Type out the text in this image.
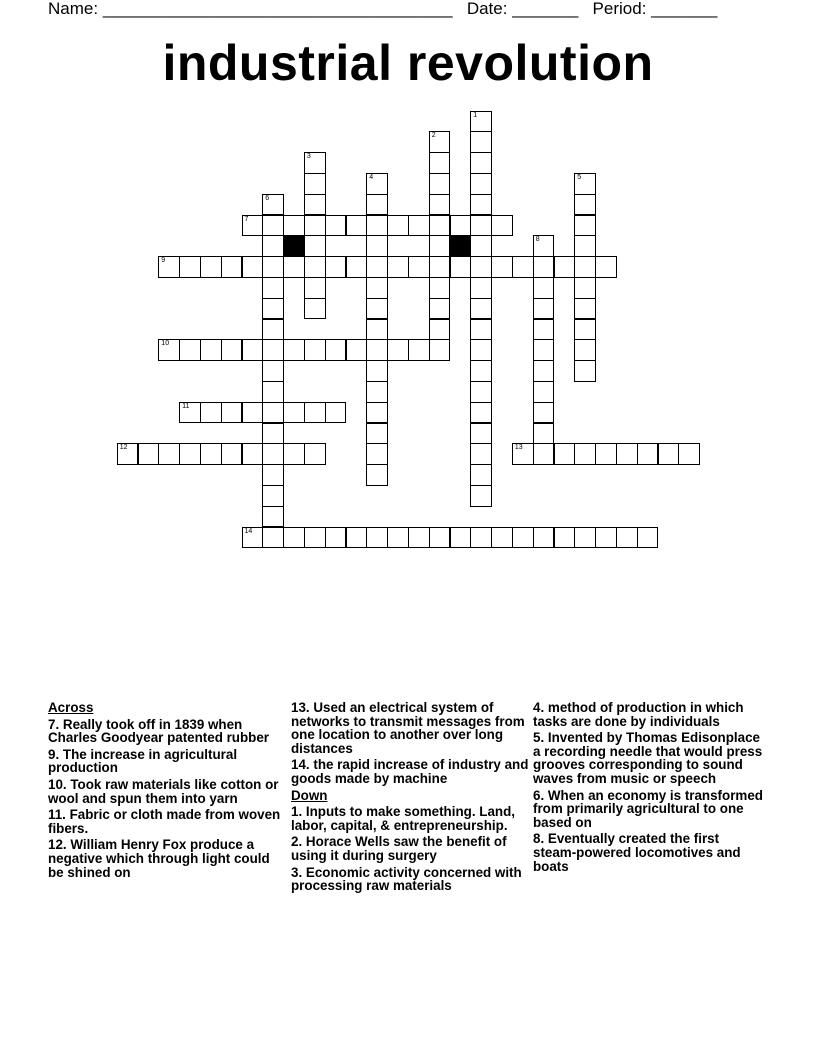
Name: _____________________________________ Date: _______ Period: _______
industrial revolution
1
2
3
4	5
6
7
8
9
10
11
12	13
14
Across
7. Really took off in 1839 when Charles Goodyear patented rubber
9. The increase in agricultural production
10. Took raw materials like cotton or wool and spun them into yarn
11. Fabric or cloth made from woven fibers.
12. William Henry Fox produce a negative which through light could be shined on
13. Used an electrical system of networks to transmit messages from one location to another over long distances
14. the rapid increase of industry and goods made by machine
Down
1. Inputs to make something. Land, labor, capital, & entrepreneurship.
2. Horace Wells saw the benefit of using it during surgery
3. Economic activity concerned with processing raw materials
4. method of production in which tasks are done by individuals
5. Invented by Thomas Edisonplace a recording needle that would press grooves corresponding to sound waves from music or speech
6. When an economy is transformed from primarily agricultural to one based on
8. Eventually created the first steam-powered locomotives and boats
